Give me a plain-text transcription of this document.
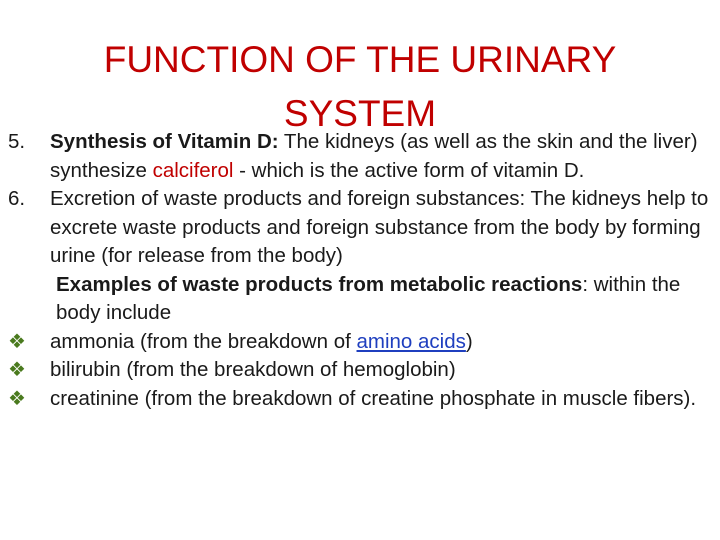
FUNCTION OF THE URINARY SYSTEM
5.	Synthesis of Vitamin D: The kidneys (as well as the skin and the liver) synthesize calciferol - which is the active form of vitamin D.
6.	Excretion of waste products and foreign substances: The kidneys help to excrete waste products and foreign substance from the body by forming urine (for release from the body)
Examples of waste products from metabolic reactions: within the body include
❖	ammonia (from the breakdown of amino acids)
❖	bilirubin (from the breakdown of hemoglobin)
❖	creatinine (from the breakdown of creatine phosphate in muscle fibers).
